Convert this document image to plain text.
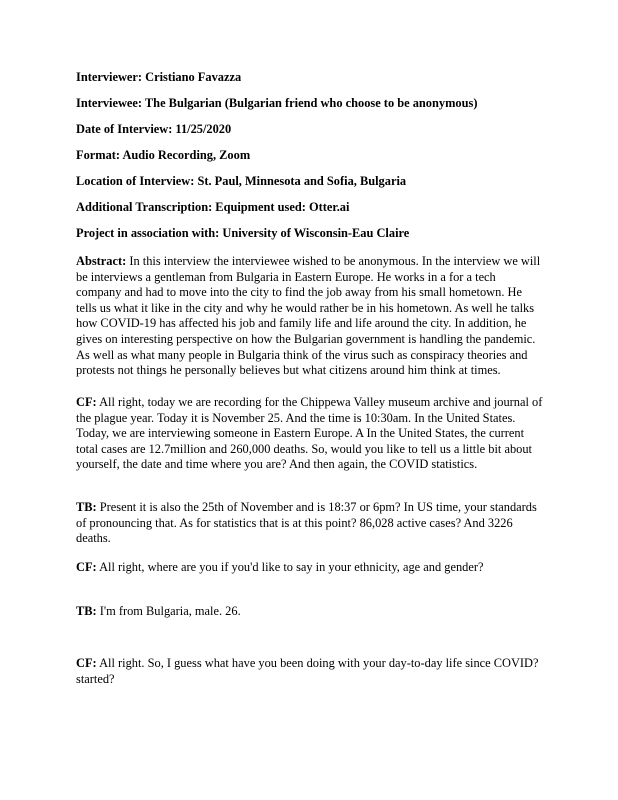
Interviewer: Cristiano Favazza
Interviewee: The Bulgarian (Bulgarian friend who choose to be anonymous)
Date of Interview: 11/25/2020
Format: Audio Recording, Zoom
Location of Interview: St. Paul, Minnesota and Sofia, Bulgaria
Additional Transcription: Equipment used: Otter.ai
Project in association with: University of Wisconsin-Eau Claire
Abstract: In this interview the interviewee wished to be anonymous. In the interview we will be interviews a gentleman from Bulgaria in Eastern Europe. He works in a for a tech company and had to move into the city to find the job away from his small hometown. He tells us what it like in the city and why he would rather be in his hometown. As well he talks how COVID-19 has affected his job and family life and life around the city. In addition, he gives on interesting perspective on how the Bulgarian government is handling the pandemic. As well as what many people in Bulgaria think of the virus such as conspiracy theories and protests not things he personally believes but what citizens around him think at times.
CF: All right, today we are recording for the Chippewa Valley museum archive and journal of the plague year. Today it is November 25. And the time is 10:30am. In the United States. Today, we are interviewing someone in Eastern Europe. A In the United States, the current total cases are 12.7million and 260,000 deaths. So, would you like to tell us a little bit about yourself, the date and time where you are? And then again, the COVID statistics.
TB: Present it is also the 25th of November and is 18:37 or 6pm? In US time, your standards of pronouncing that. As for statistics that is at this point? 86,028 active cases? And 3226 deaths.
CF: All right, where are you if you'd like to say in your ethnicity, age and gender?
TB: I'm from Bulgaria, male. 26.
CF: All right. So, I guess what have you been doing with your day-to-day life since COVID? started?
